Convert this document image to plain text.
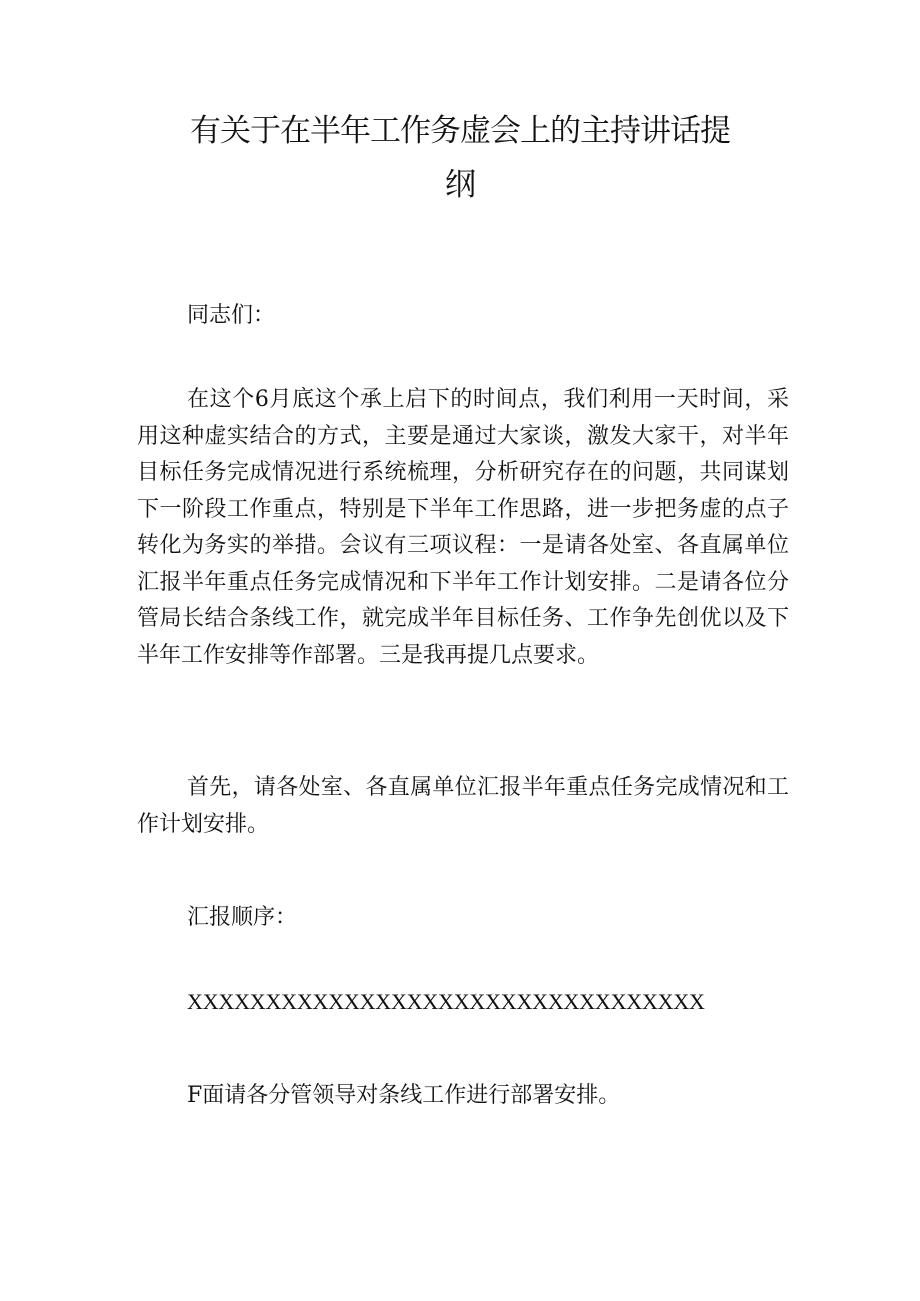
有关于在半年工作务虚会上的主持讲话提
纲

同志们：

在这个6月底这个承上启下的时间点，我们利用一天时间，采用这种虚实结合的方式，主要是通过大家谈，激发大家干，对半年目标任务完成情况进行系统梳理，分析研究存在的问题，共同谋划下一阶段工作重点，特别是下半年工作思路，进一步把务虚的点子转化为务实的举措。会议有三项议程：一是请各处室、各直属单位汇报半年重点任务完成情况和下半年工作计划安排。二是请各位分管局长结合条线工作，就完成半年目标任务、工作争先创优以及下半年工作安排等作部署。三是我再提几点要求。

首先，请各处室、各直属单位汇报半年重点任务完成情况和工作计划安排。

汇报顺序：

XXXXXXXXXXXXXXXXXXXXXXXXXXXXXXXXX

F面请各分管领导对条线工作进行部署安排。
